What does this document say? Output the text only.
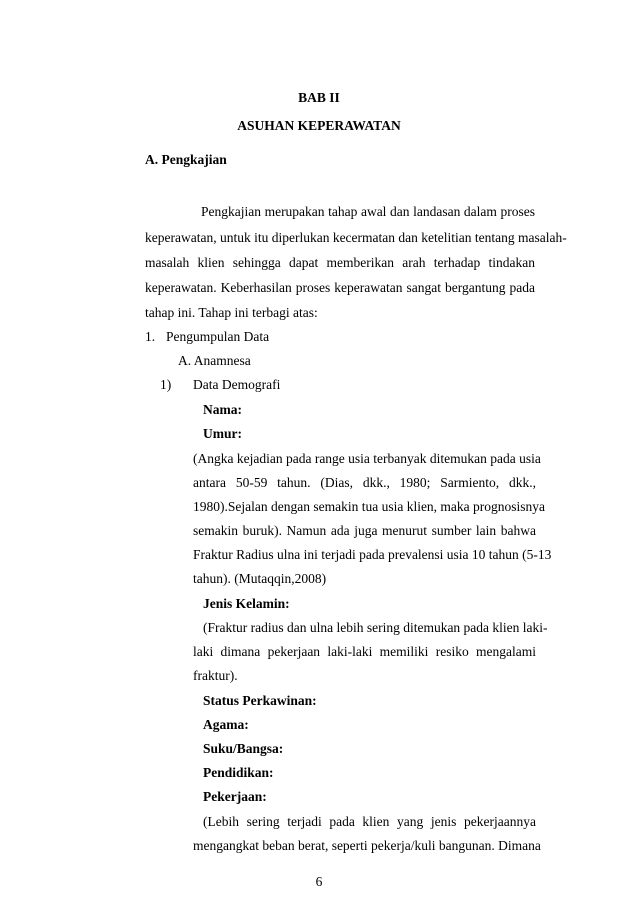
BAB II
ASUHAN KEPERAWATAN
A. Pengkajian
Pengkajian merupakan tahap awal dan landasan dalam proses
keperawatan, untuk itu diperlukan kecermatan dan ketelitian tentang masalah-
masalah klien sehingga dapat memberikan arah terhadap tindakan
keperawatan. Keberhasilan proses keperawatan sangat bergantung pada
tahap ini. Tahap ini terbagi atas:
1. Pengumpulan Data
A. Anamnesa
1) Data Demografi
Nama:
Umur:
(Angka kejadian pada range usia terbanyak ditemukan pada usia
antara 50-59 tahun. (Dias, dkk., 1980; Sarmiento, dkk.,
1980).Sejalan dengan semakin tua usia klien, maka prognosisnya
semakin buruk). Namun ada juga menurut sumber lain bahwa
Fraktur Radius ulna ini terjadi pada prevalensi usia 10 tahun (5-13
tahun). (Mutaqqin,2008)
Jenis Kelamin:
(Fraktur radius dan ulna lebih sering ditemukan pada klien laki-
laki dimana pekerjaan laki-laki memiliki resiko mengalami
fraktur).
Status Perkawinan:
Agama:
Suku/Bangsa:
Pendidikan:
Pekerjaan:
(Lebih sering terjadi pada klien yang jenis pekerjaannya
mengangkat beban berat, seperti pekerja/kuli bangunan. Dimana
6
